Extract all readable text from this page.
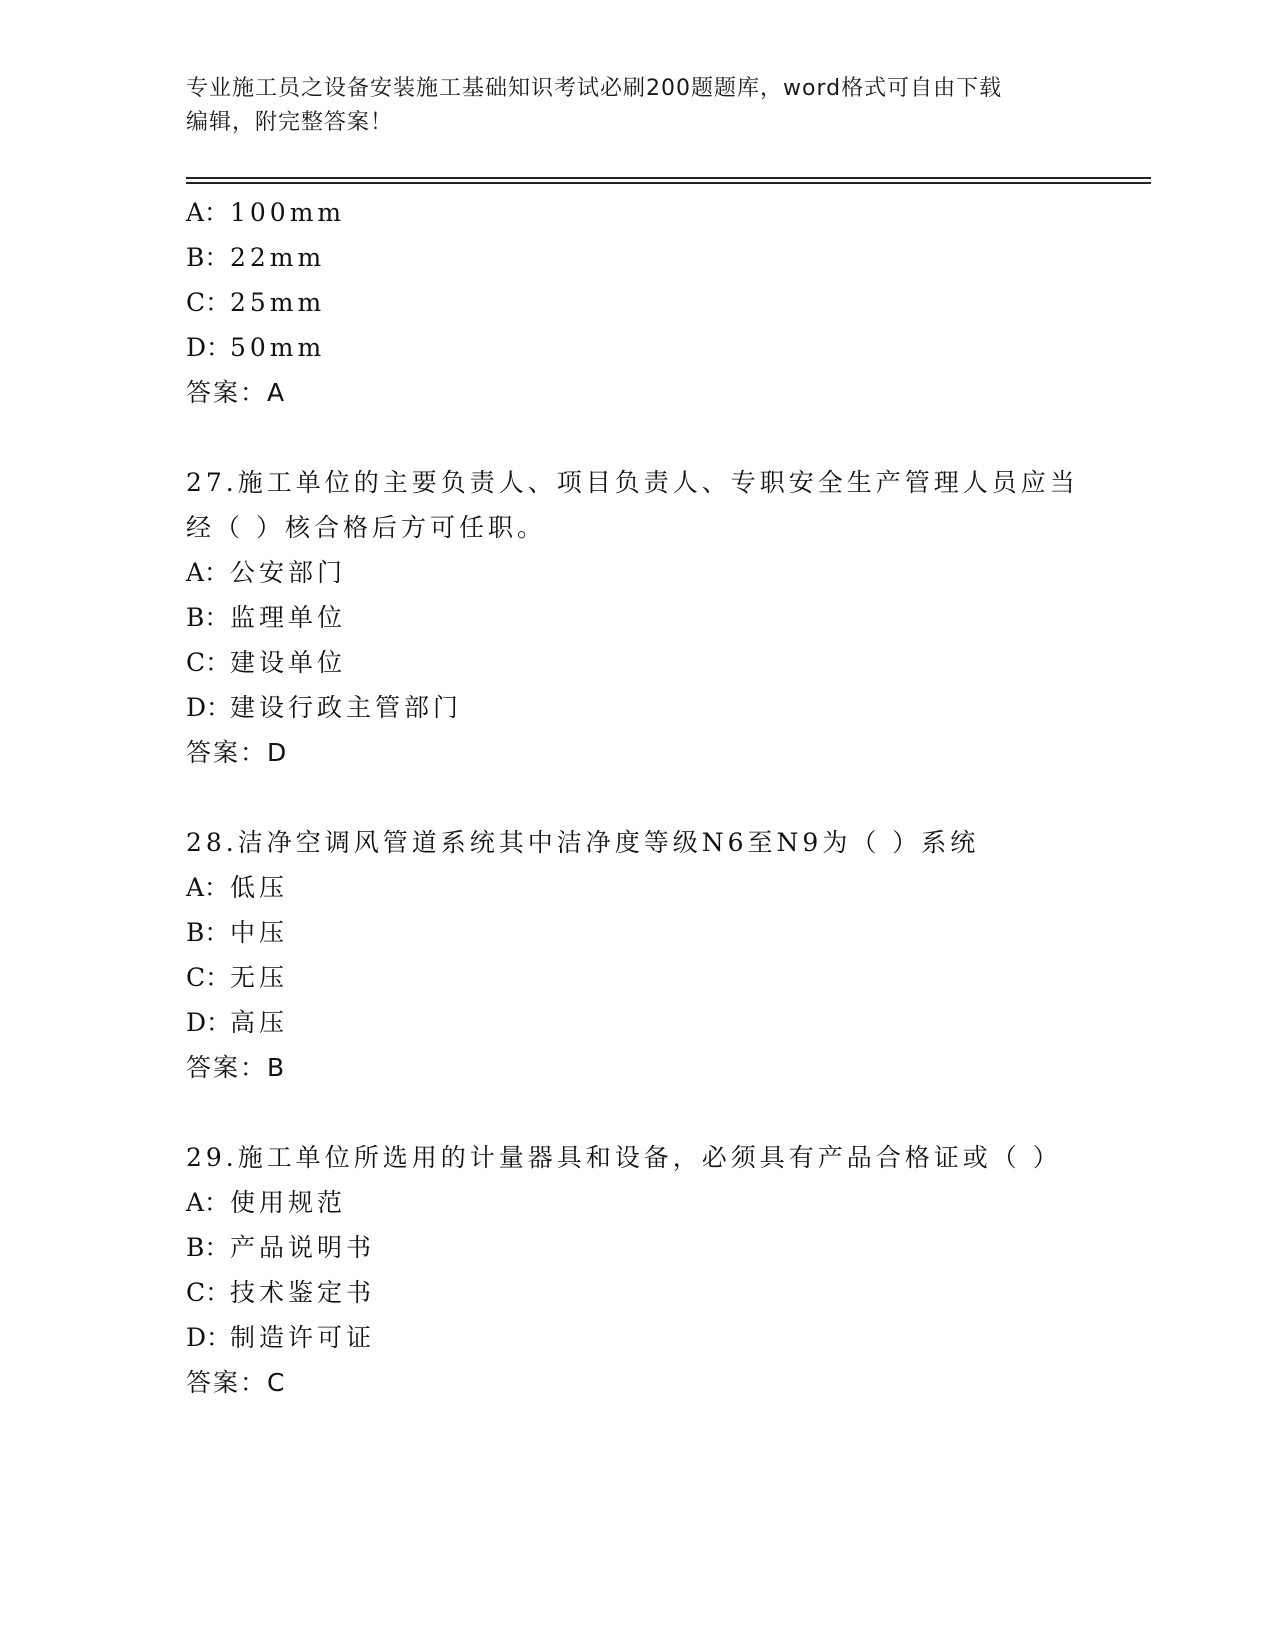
专业施工员之设备安装施工基础知识考试必刷200题题库，word格式可自由下载
编辑，附完整答案！
A：100mm
B：22mm
C：25mm
D：50mm
答案：A
27.施工单位的主要负责人、项目负责人、专职安全生产管理人员应当经（ ）核合格后方可任职。
A：公安部门
B：监理单位
C：建设单位
D：建设行政主管部门
答案：D
28.洁净空调风管道系统其中洁净度等级N6至N9为（ ）系统
A：低压
B：中压
C：无压
D：高压
答案：B
29.施工单位所选用的计量器具和设备，必须具有产品合格证或（ ）
A：使用规范
B：产品说明书
C：技术鉴定书
D：制造许可证
答案：C
